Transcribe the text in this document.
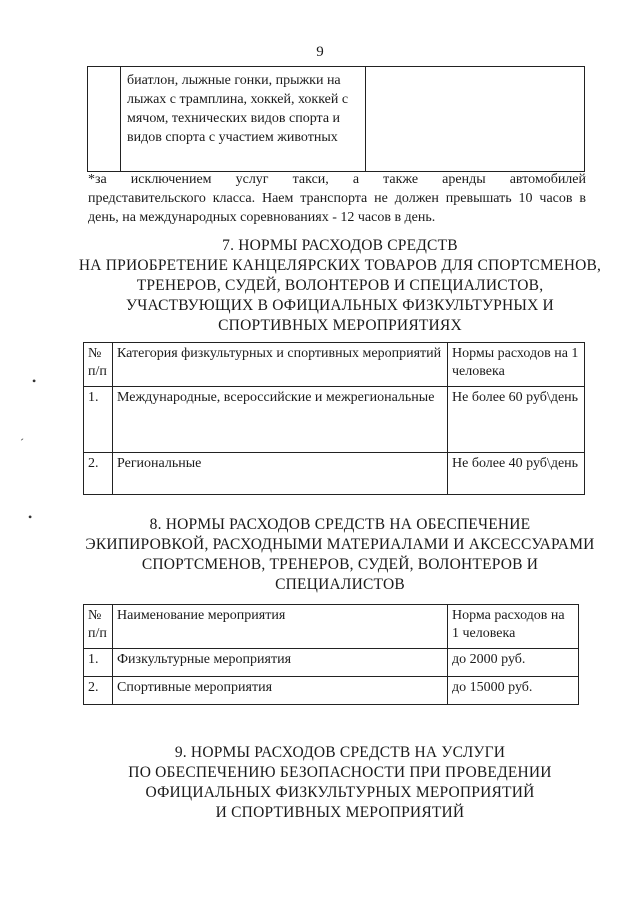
9
	биатлон, лыжные гонки, прыжки на лыжах с трамплина, хоккей, хоккей с мячом, технических видов спорта и видов спорта с участием животных	
*за исключением услуг такси, а также аренды автомобилей
представительского класса. Наем транспорта не должен превышать 10 часов в день, на международных соревнованиях - 12 часов в день.
7. НОРМЫ РАСХОДОВ СРЕДСТВ
НА ПРИОБРЕТЕНИЕ КАНЦЕЛЯРСКИХ ТОВАРОВ ДЛЯ СПОРТСМЕНОВ,
ТРЕНЕРОВ, СУДЕЙ, ВОЛОНТЕРОВ И СПЕЦИАЛИСТОВ,
УЧАСТВУЮЩИХ В ОФИЦИАЛЬНЫХ ФИЗКУЛЬТУРНЫХ И
СПОРТИВНЫХ МЕРОПРИЯТИЯХ
№ п/п	Категория физкультурных и спортивных мероприятий	Нормы расходов на 1 человека
1.	Международные, всероссийские и межрегиональные	Не более 60 руб\день
2.	Региональные	Не более 40 руб\день
8. НОРМЫ РАСХОДОВ СРЕДСТВ НА ОБЕСПЕЧЕНИЕ
ЭКИПИРОВКОЙ, РАСХОДНЫМИ МАТЕРИАЛАМИ И АКСЕССУАРАМИ
СПОРТСМЕНОВ, ТРЕНЕРОВ, СУДЕЙ, ВОЛОНТЕРОВ И
СПЕЦИАЛИСТОВ
№ п/п	Наименование мероприятия	Норма расходов на 1 человека
1.	Физкультурные мероприятия	до 2000 руб.
2.	Спортивные мероприятия	до 15000 руб.
9. НОРМЫ РАСХОДОВ СРЕДСТВ НА УСЛУГИ
ПО ОБЕСПЕЧЕНИЮ БЕЗОПАСНОСТИ ПРИ ПРОВЕДЕНИИ
ОФИЦИАЛЬНЫХ ФИЗКУЛЬТУРНЫХ МЕРОПРИЯТИЙ
И СПОРТИВНЫХ МЕРОПРИЯТИЙ
•
ˊ
•
